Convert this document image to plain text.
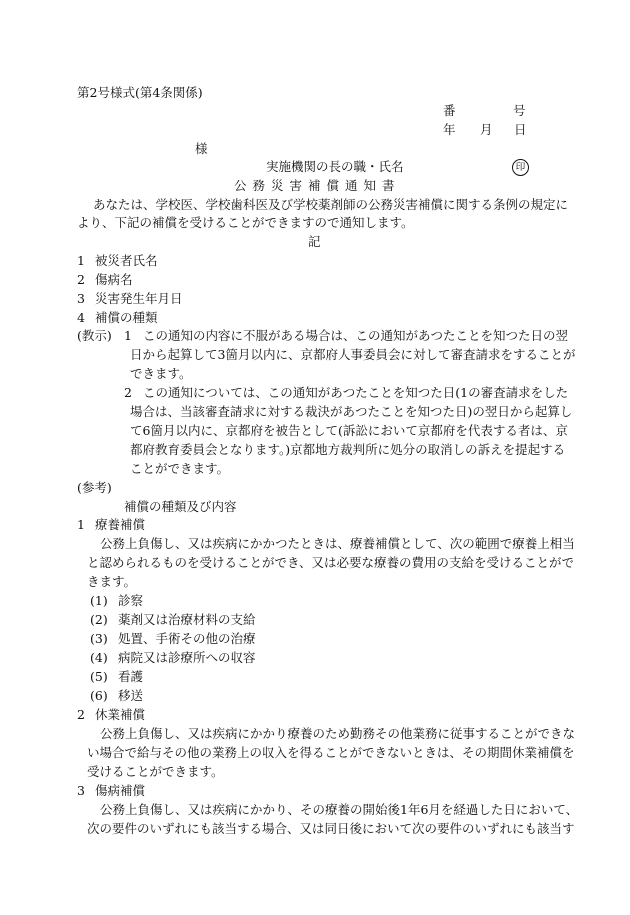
第2号様式(第4条関係)
番	号
年 月 日
様
実施機関の長の職・氏名	印
公務災害補償通知書
あなたは、学校医、学校歯科医及び学校薬剤師の公務災害補償に関する条例の規定に
より、下記の補償を受けることができますので通知します。
記
1 被災者氏名
2 傷病名
3 災害発生年月日
4 補償の種類
(教示) 1 この通知の内容に不服がある場合は、この通知があつたことを知つた日の翌
日から起算して3箇月以内に、京都府人事委員会に対して審査請求をすることが
できます。
2 この通知については、この通知があつたことを知つた日(1の審査請求をした
場合は、当該審査請求に対する裁決があつたことを知つた日)の翌日から起算し
て6箇月以内に、京都府を被告として(訴訟において京都府を代表する者は、京
都府教育委員会となります。)京都地方裁判所に処分の取消しの訴えを提起する
ことができます。
(参考)
補償の種類及び内容
1 療養補償
公務上負傷し、又は疾病にかかつたときは、療養補償として、次の範囲で療養上相当
と認められるものを受けることができ、又は必要な療養の費用の支給を受けることがで
きます。
(1) 診察
(2) 薬剤又は治療材料の支給
(3) 処置、手術その他の治療
(4) 病院又は診療所への収容
(5) 看護
(6) 移送
2 休業補償
公務上負傷し、又は疾病にかかり療養のため勤務その他業務に従事することができな
い場合で給与その他の業務上の収入を得ることができないときは、その期間休業補償を
受けることができます。
3 傷病補償
公務上負傷し、又は疾病にかかり、その療養の開始後1年6月を経過した日において、
次の要件のいずれにも該当する場合、又は同日後において次の要件のいずれにも該当す
